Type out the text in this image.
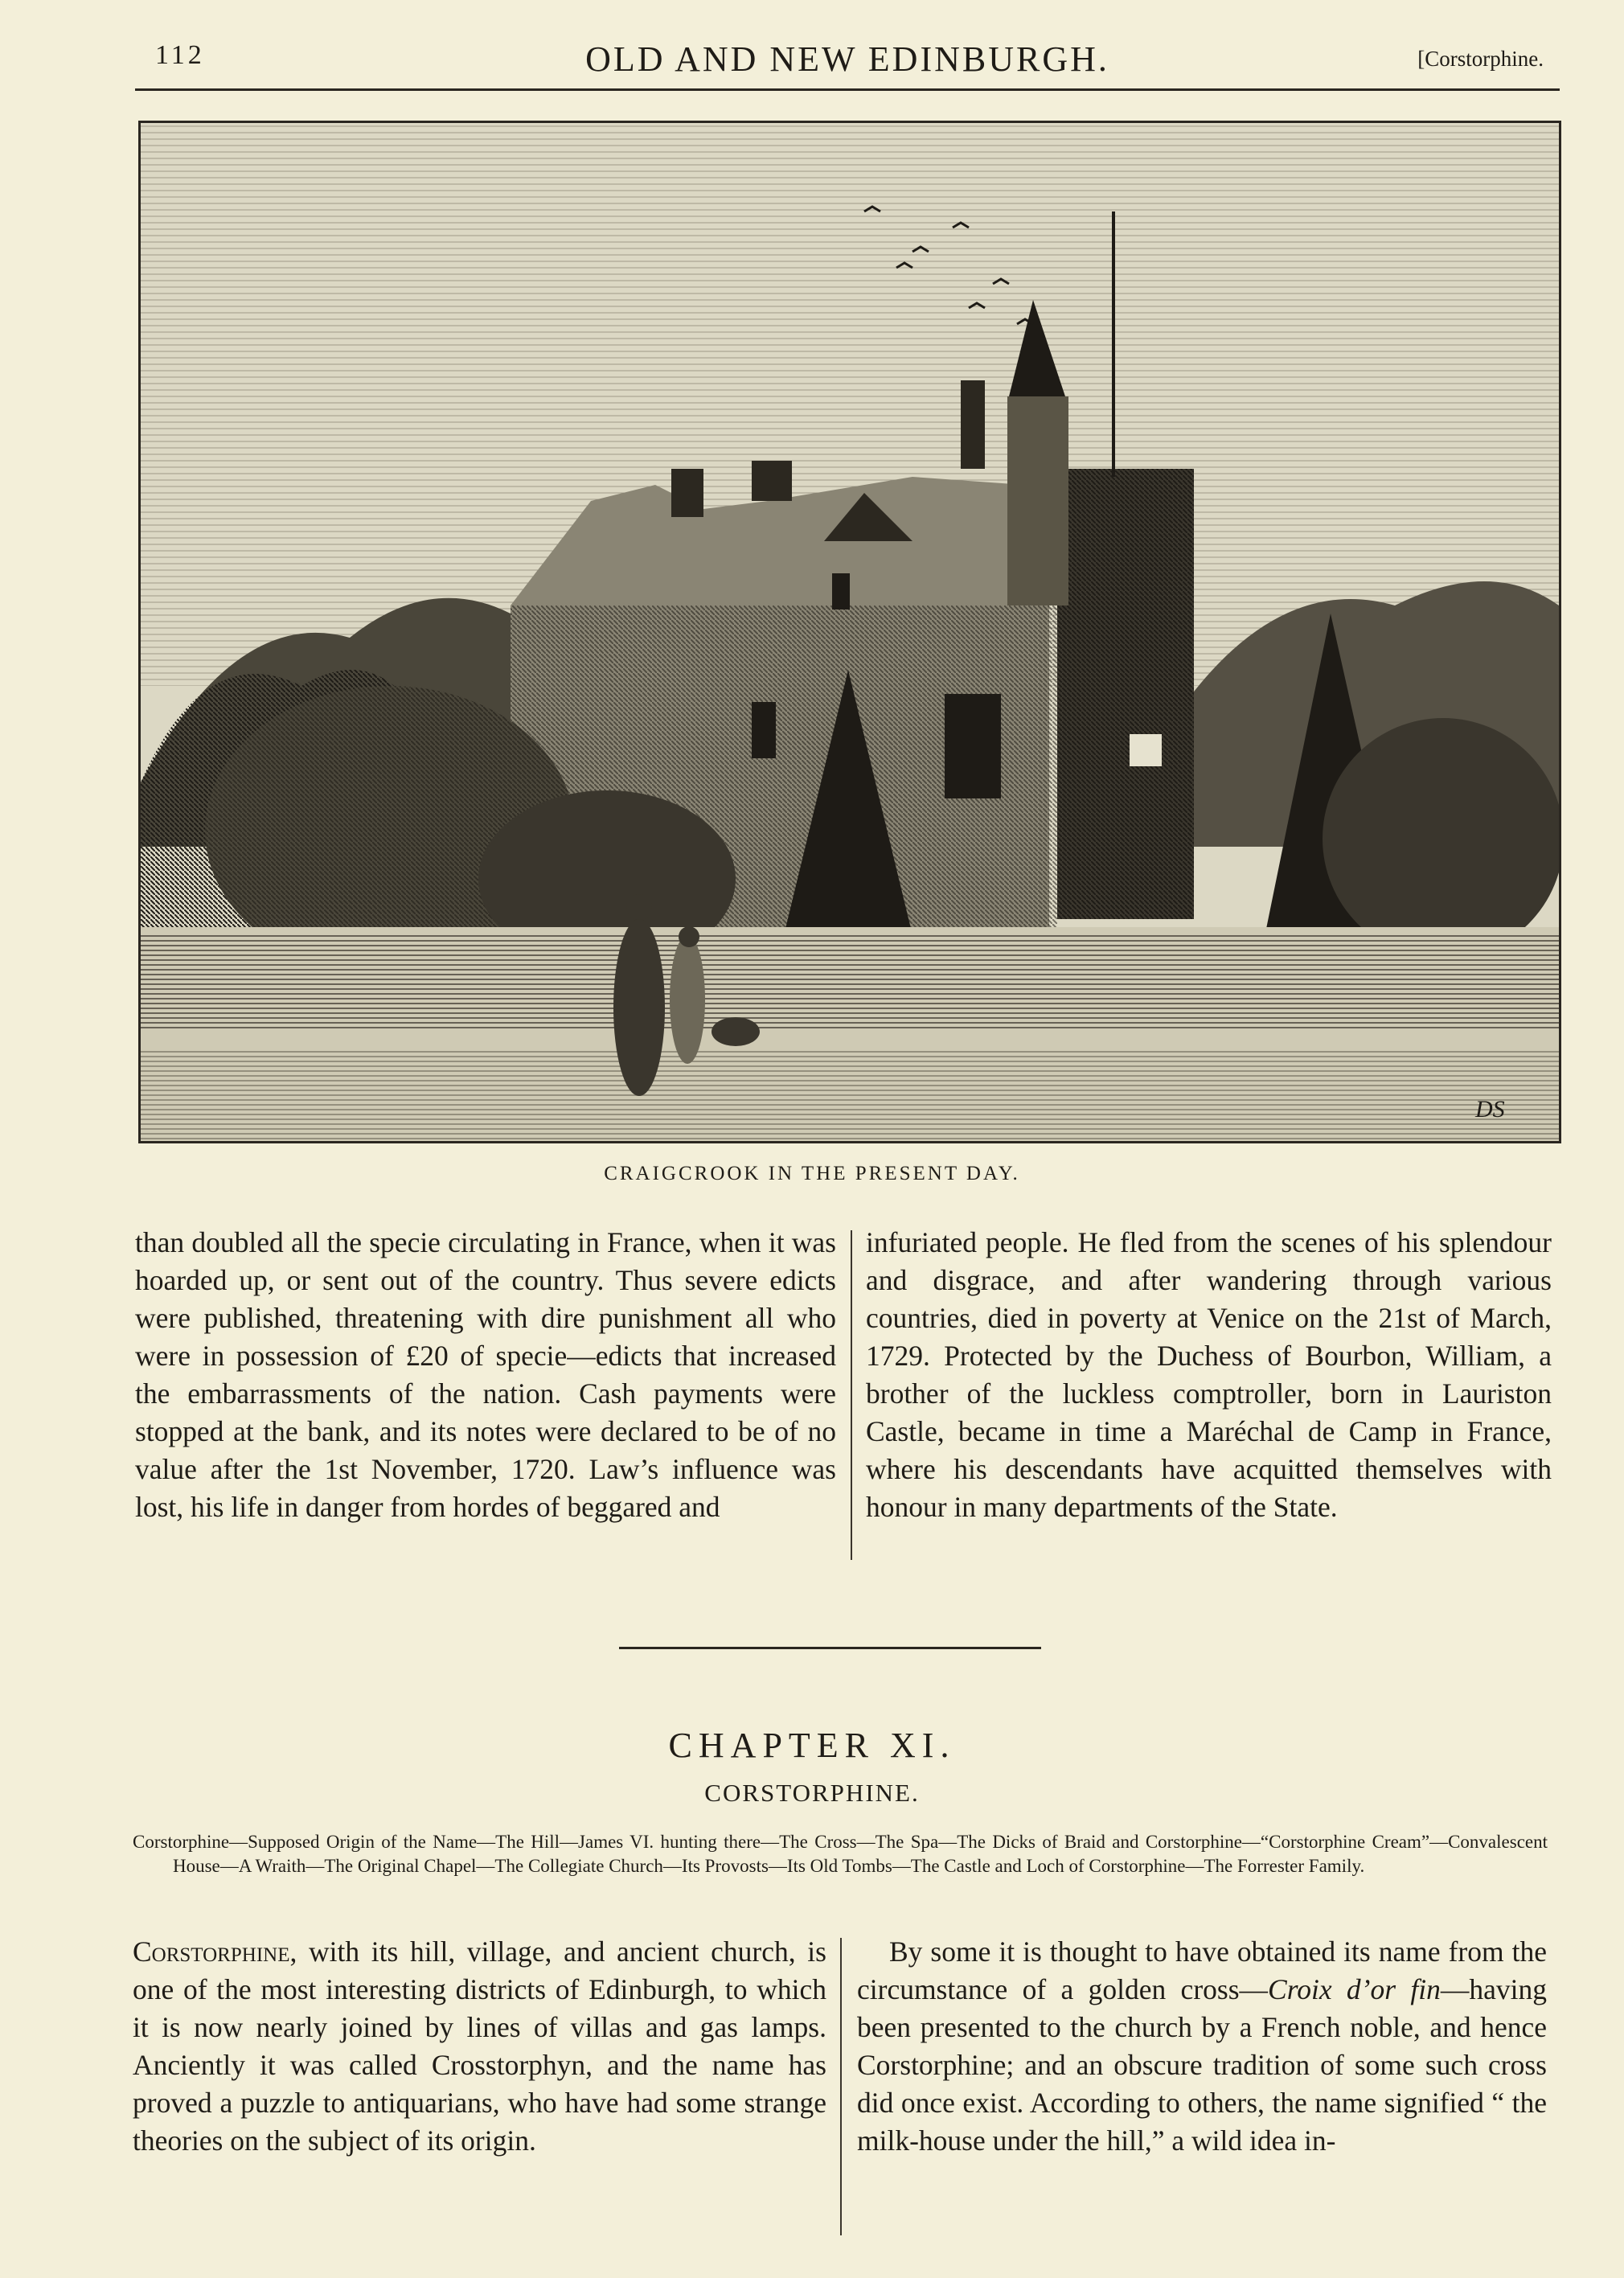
112	OLD AND NEW EDINBURGH.	[Corstorphine.
DS
CRAIGCROOK IN THE PRESENT DAY.

than doubled all the specie circulating in France, when it was hoarded up, or sent out of the country. Thus severe edicts were published, threatening with dire punishment all who were in possession of £20 of specie—edicts that increased the embarrassments of the nation. Cash payments were stopped at the bank, and its notes were declared to be of no value after the 1st November, 1720. Law’s influence was lost, his life in danger from hordes of beggared and

infuriated people. He fled from the scenes of his splendour and disgrace, and after wandering through various countries, died in poverty at Venice on the 21st of March, 1729. Protected by the Duchess of Bourbon, William, a brother of the luckless comptroller, born in Lauriston Castle, became in time a Maréchal de Camp in France, where his descendants have acquitted themselves with honour in many departments of the State.

CHAPTER XI.
CORSTORPHINE.

Corstorphine—Supposed Origin of the Name—The Hill—James VI. hunting there—The Cross—The Spa—The Dicks of Braid and Corstorphine—“Corstorphine Cream”—Convalescent House—A Wraith—The Original Chapel—The Collegiate Church—Its Provosts—Its Old Tombs—The Castle and Loch of Corstorphine—The Forrester Family.

Corstorphine, with its hill, village, and ancient church, is one of the most interesting districts of Edinburgh, to which it is now nearly joined by lines of villas and gas lamps. Anciently it was called Crosstorphyn, and the name has proved a puzzle to antiquarians, who have had some strange theories on the subject of its origin.

By some it is thought to have obtained its name from the circumstance of a golden cross—Croix d’or fin—having been presented to the church by a French noble, and hence Corstorphine; and an obscure tradition of some such cross did once exist. According to others, the name signified “ the milk-house under the hill,” a wild idea in-
